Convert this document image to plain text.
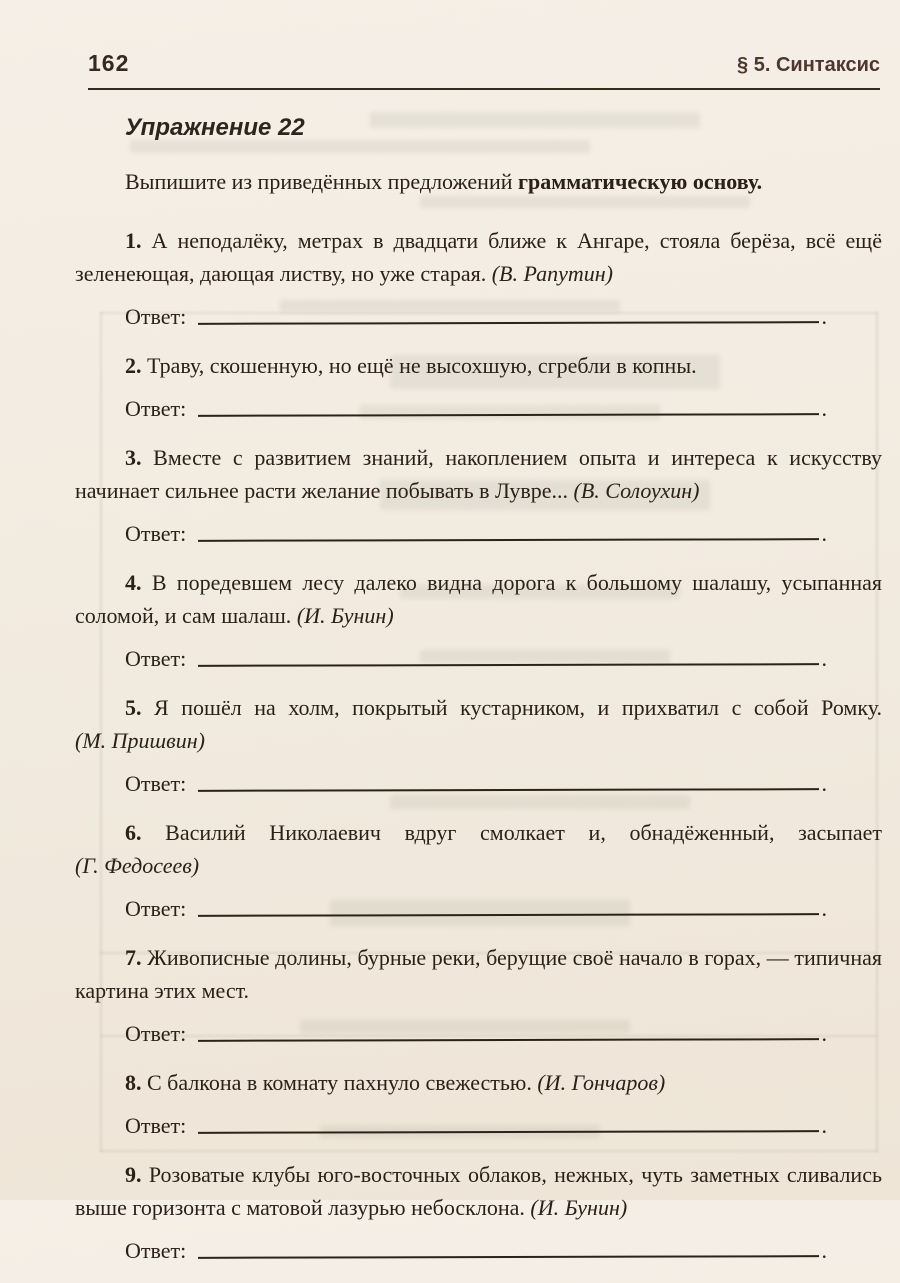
162	§ 5. Синтаксис
Упражнение 22

Выпишите из приведённых предложений грамматическую основу.

1. А неподалёку, метрах в двадцати ближе к Ангаре, стояла берёза, всё ещё зеленеющая, дающая листву, но уже старая. (В. Рапутин)

Ответ:	.

2. Траву, скошенную, но ещё не высохшую, сгребли в копны.

Ответ:	.

3. Вместе с развитием знаний, накоплением опыта и интереса к искусству начинает сильнее расти желание побывать в Лувре... (В. Солоухин)

Ответ:	.

4. В поредевшем лесу далеко видна дорога к большому шалашу, усыпанная соломой, и сам шалаш. (И. Бунин)

Ответ:	.

5. Я пошёл на холм, покрытый кустарником, и прихватил с собой Ромку. (М. Пришвин)

Ответ:	.

6. Василий Николаевич вдруг смолкает и, обнадёженный, засыпает (Г. Федосеев)

Ответ:	.

7. Живописные долины, бурные реки, берущие своё начало в горах, — типичная картина этих мест.

Ответ:	.

8. С балкона в комнату пахнуло свежестью. (И. Гончаров)

Ответ:	.

9. Розоватые клубы юго-восточных облаков, нежных, чуть заметных сливались выше горизонта с матовой лазурью небосклона. (И. Бунин)

Ответ:	.
